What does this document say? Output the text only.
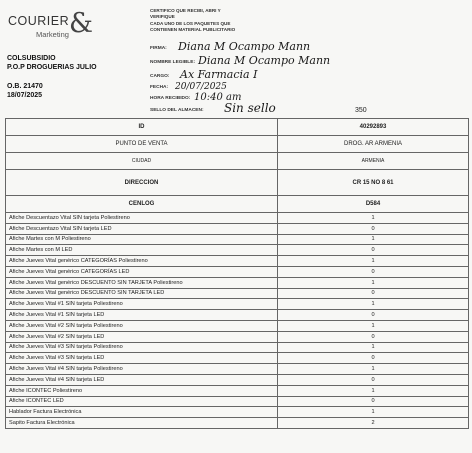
COURIER
Marketing &
COLSUBSIDIO
P.O.P DROGUERIAS JULIO
O.B. 21470
18/07/2025
CERTIFICO QUE RECIBI, ABRI Y
VERIFIQUE
CADA UNO DE LOS PAQUETES QUE
CONTIENEN MATERIAL PUBLICITARIO
FIRMA: Diana M Ocampo Mann
NOMBRE LEGIBLE: Diana M Ocampo Mann
CARGO: Ax Farmacia I
FECHA: 20/07/2025
HORA RECIBIDO: 10:40 am
SELLO DEL ALMACEN: Sin sello	350
ID	40292893
PUNTO DE VENTA	DROG. AR ARMENIA
CIUDAD	ARMENIA
DIRECCION	CR 15 NO 8 61
CENLOG	D584
Afiche Descuentazo Vital SIN tarjeta Poliestireno	1
Afiche Descuentazo Vital SIN tarjeta LED	0
Afiche Martes con M Poliestireno	1
Afiche Martes con M LED	0
Afiche Jueves Vital genérico CATEGORÍAS Poliestireno	1
Afiche Jueves Vital genérico CATEGORÍAS LED	0
Afiche Jueves Vital genérico DESCUENTO SIN TARJETA Poliestireno	1
Afiche Jueves Vital genérico DESCUENTO SIN TARJETA LED	0
Afiche Jueves Vital #1 SIN tarjeta Poliestireno	1
Afiche Jueves Vital #1 SIN tarjeta LED	0
Afiche Jueves Vital #2 SIN tarjeta Poliestireno	1
Afiche Jueves Vital #2 SIN tarjeta LED	0
Afiche Jueves Vital #3 SIN tarjeta Poliestireno	1
Afiche Jueves Vital #3 SIN tarjeta LED	0
Afiche Jueves Vital #4 SIN tarjeta Poliestireno	1
Afiche Jueves Vital #4 SIN tarjeta LED	0
Afiche ICONTEC Poliestireno	1
Afiche ICONTEC LED	0
Hablador Factura Electrónica	1
Sapito Factura Electrónica	2
